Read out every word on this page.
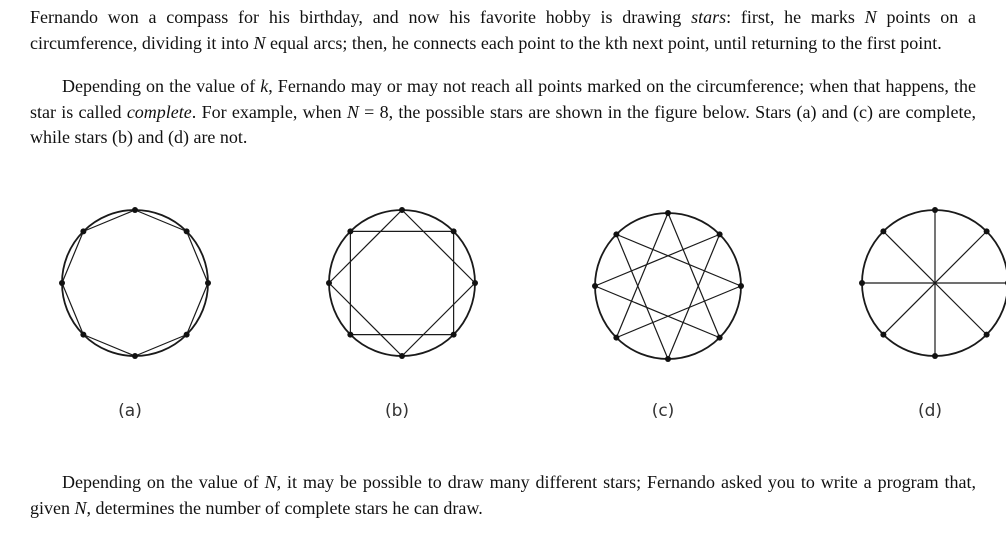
Fernando won a compass for his birthday, and now his favorite hobby is drawing stars: first, he marks N points on a circumference, dividing it into N equal arcs; then, he connects each point to the kth next point, until returning to the first point.

Depending on the value of k, Fernando may or may not reach all points marked on the circumference; when that happens, the star is called complete. For example, when N = 8, the possible stars are shown in the figure below. Stars (a) and (c) are complete, while stars (b) and (d) are not.

(a)	(b)	(c)	(d)

Depending on the value of N, it may be possible to draw many different stars; Fernando asked you to write a program that, given N, determines the number of complete stars he can draw.
